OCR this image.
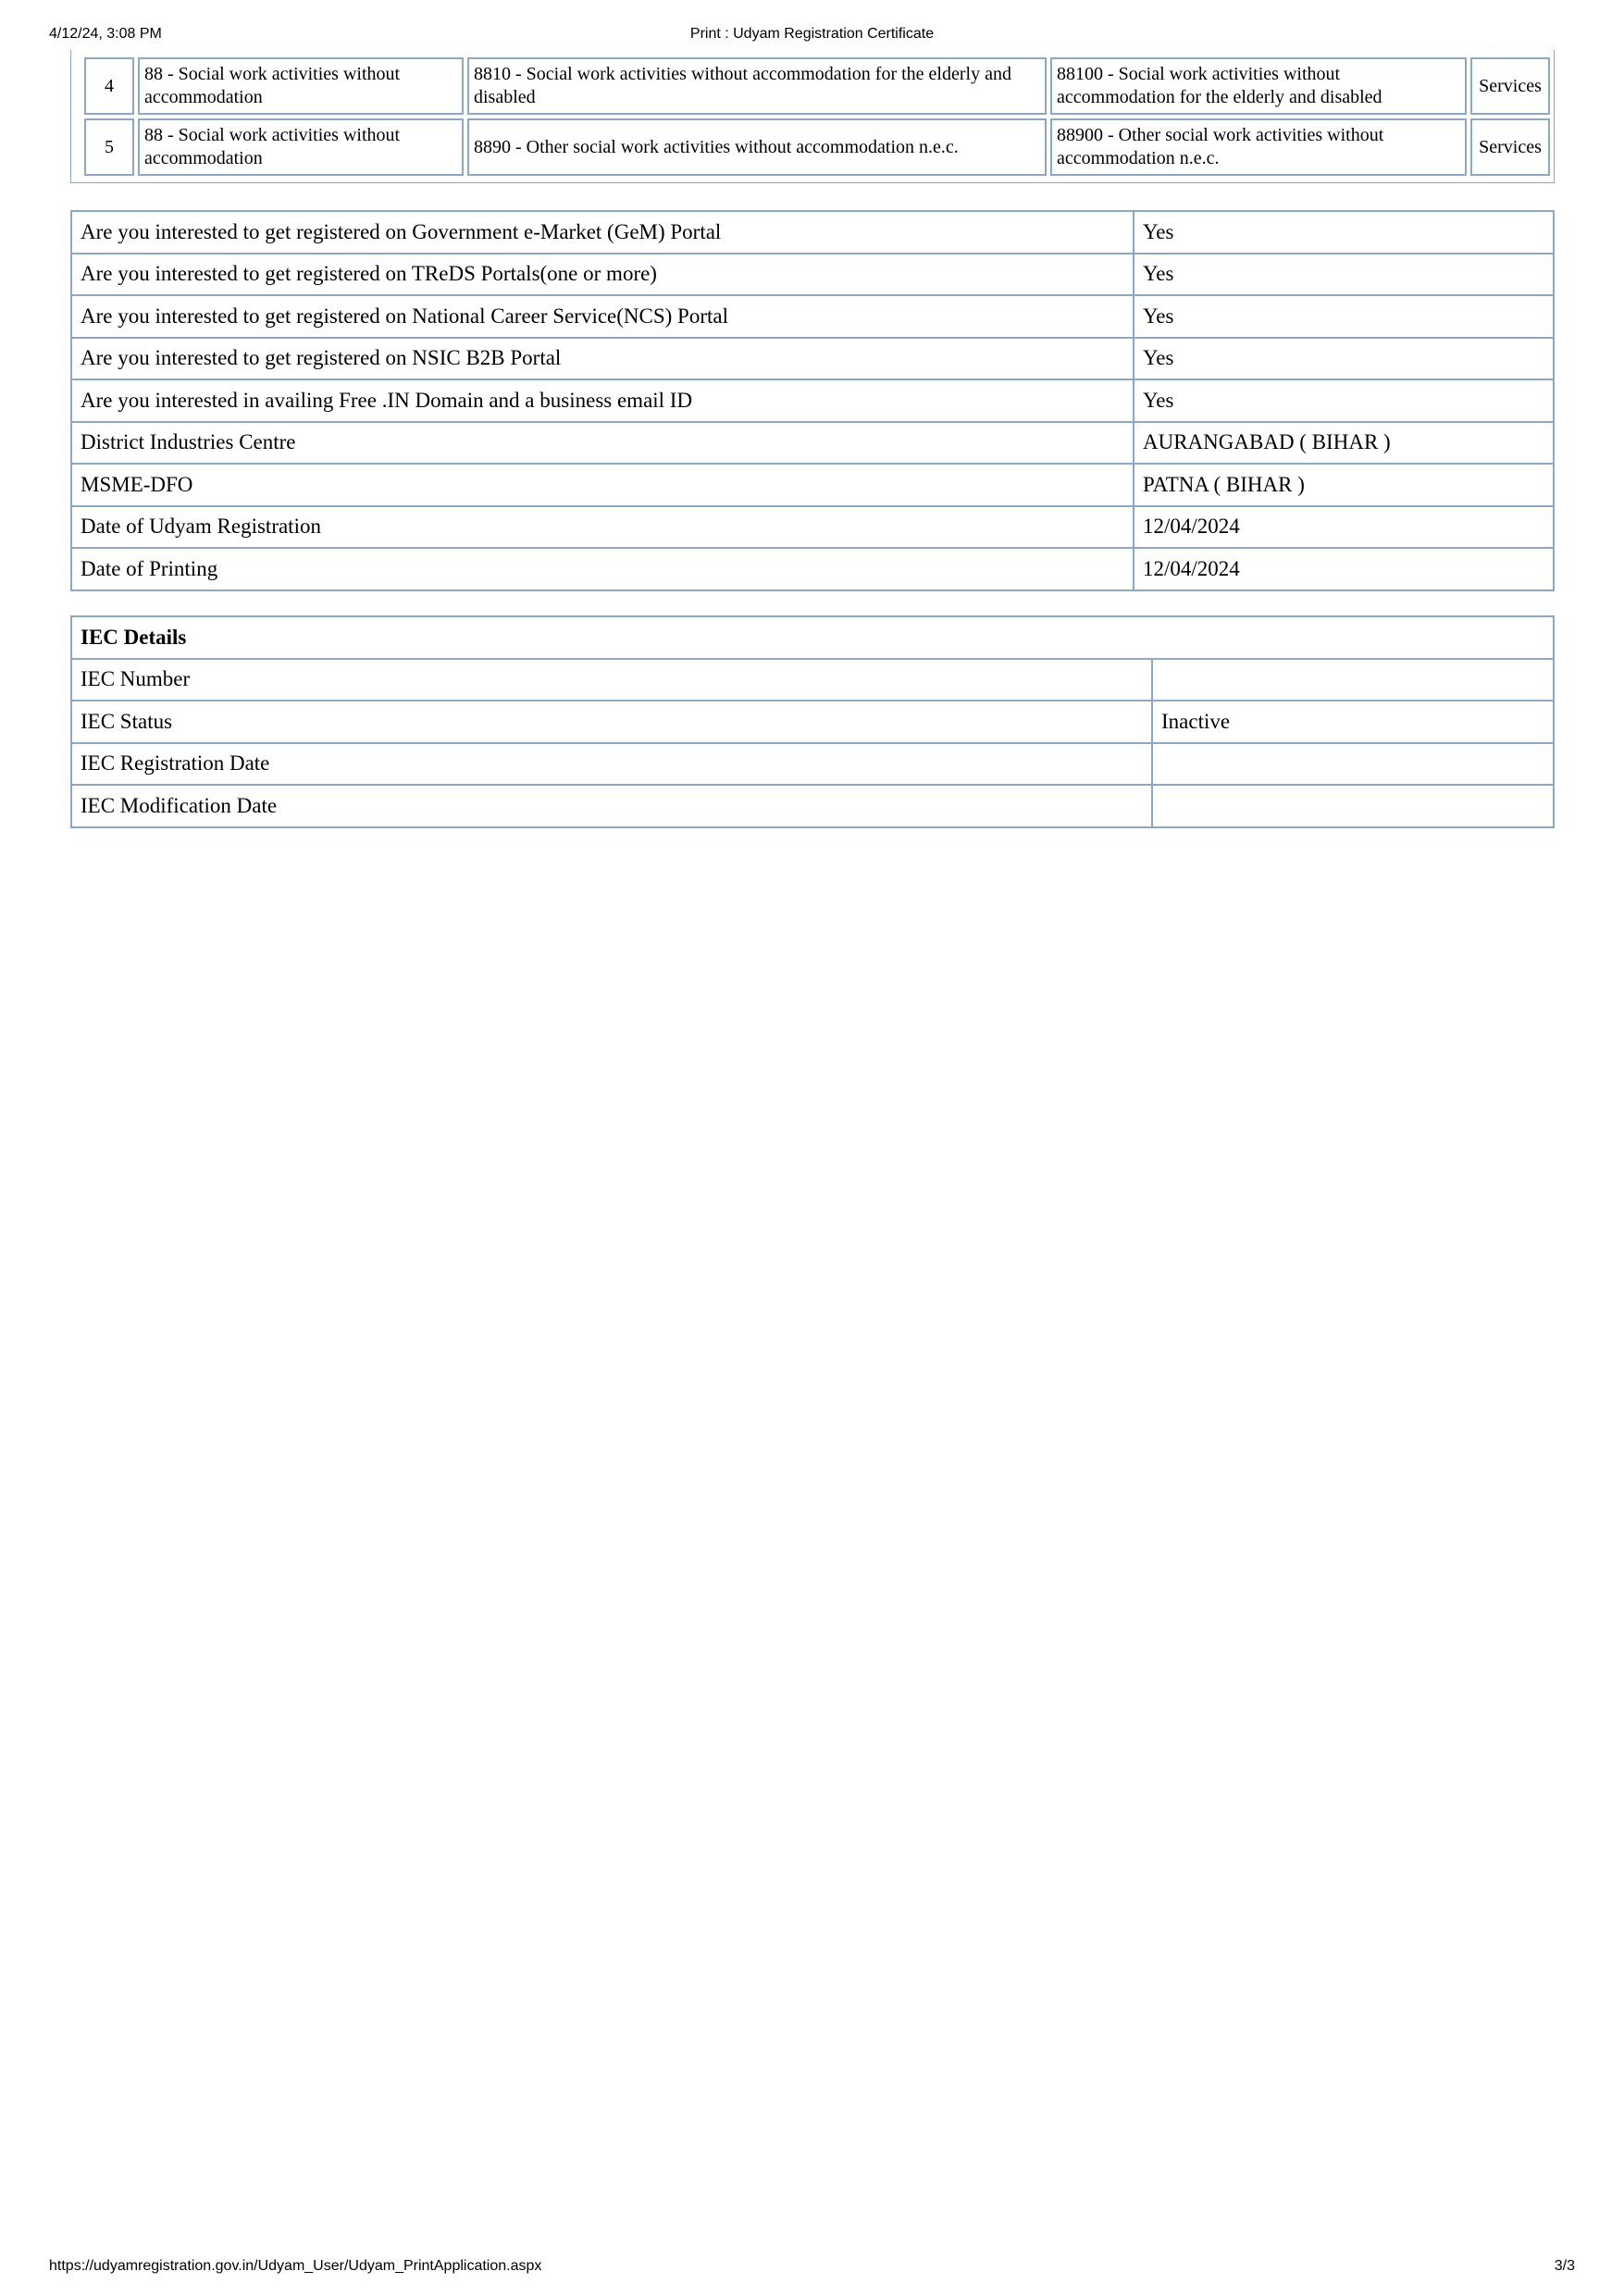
Print : Udyam Registration Certificate
4/12/24, 3:08 PM
4	88 - Social work activities without accommodation	8810 - Social work activities without accommodation for the elderly and disabled	88100 - Social work activities without accommodation for the elderly and disabled	Services
5	88 - Social work activities without accommodation	8890 - Other social work activities without accommodation n.e.c.	88900 - Other social work activities without accommodation n.e.c.	Services
Are you interested to get registered on Government e-Market (GeM) Portal	Yes
Are you interested to get registered on TReDS Portals(one or more)	Yes
Are you interested to get registered on National Career Service(NCS) Portal	Yes
Are you interested to get registered on NSIC B2B Portal	Yes
Are you interested in availing Free .IN Domain and a business email ID	Yes
District Industries Centre	AURANGABAD ( BIHAR )
MSME-DFO	PATNA ( BIHAR )
Date of Udyam Registration	12/04/2024
Date of Printing	12/04/2024
IEC Details	
IEC Number	
IEC Status	Inactive
IEC Registration Date	
IEC Modification Date	
https://udyamregistration.gov.in/Udyam_User/Udyam_PrintApplication.aspx	3/3
